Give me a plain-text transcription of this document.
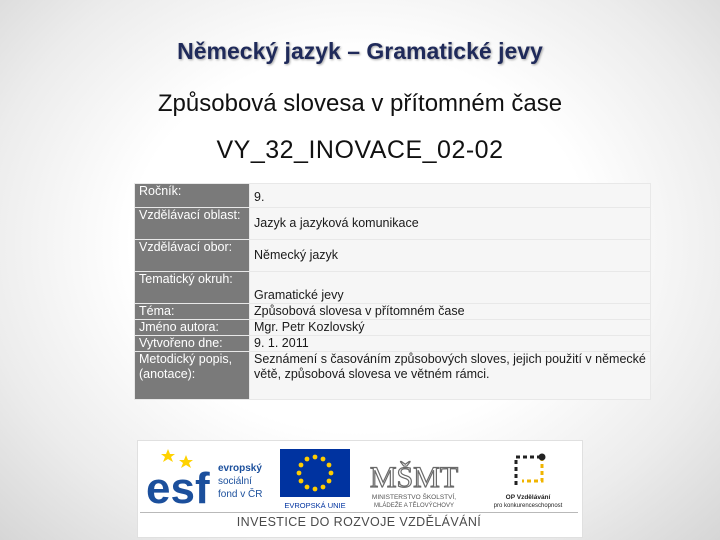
Německý jazyk – Gramatické jevy
Způsobová slovesa v přítomném čase
VY_32_INOVACE_02-02
Ročník:	9.
Vzdělávací oblast:	Jazyk a jazyková komunikace
Vzdělávací obor:	Německý jazyk
Tematický okruh:	Gramatické jevy
Téma:	Způsobová slovesa v přítomném čase
Jméno autora:	Mgr. Petr Kozlovský
Vytvořeno dne:	9. 1. 2011
Metodický popis, (anotace):	Seznámení s časováním způsobových sloves, jejich použití v německé větě, způsobová slovesa ve větném rámci.
esf evropský
sociální
fond v ČR
EVROPSKÁ UNIE
MŠMT
MINISTERSTVO ŠKOLSTVÍ,
MLÁDEŽE A TĚLOVÝCHOVY
OP Vzdělávání
pro konkurenceschopnost
INVESTICE DO ROZVOJE VZDĚLÁVÁNÍ
